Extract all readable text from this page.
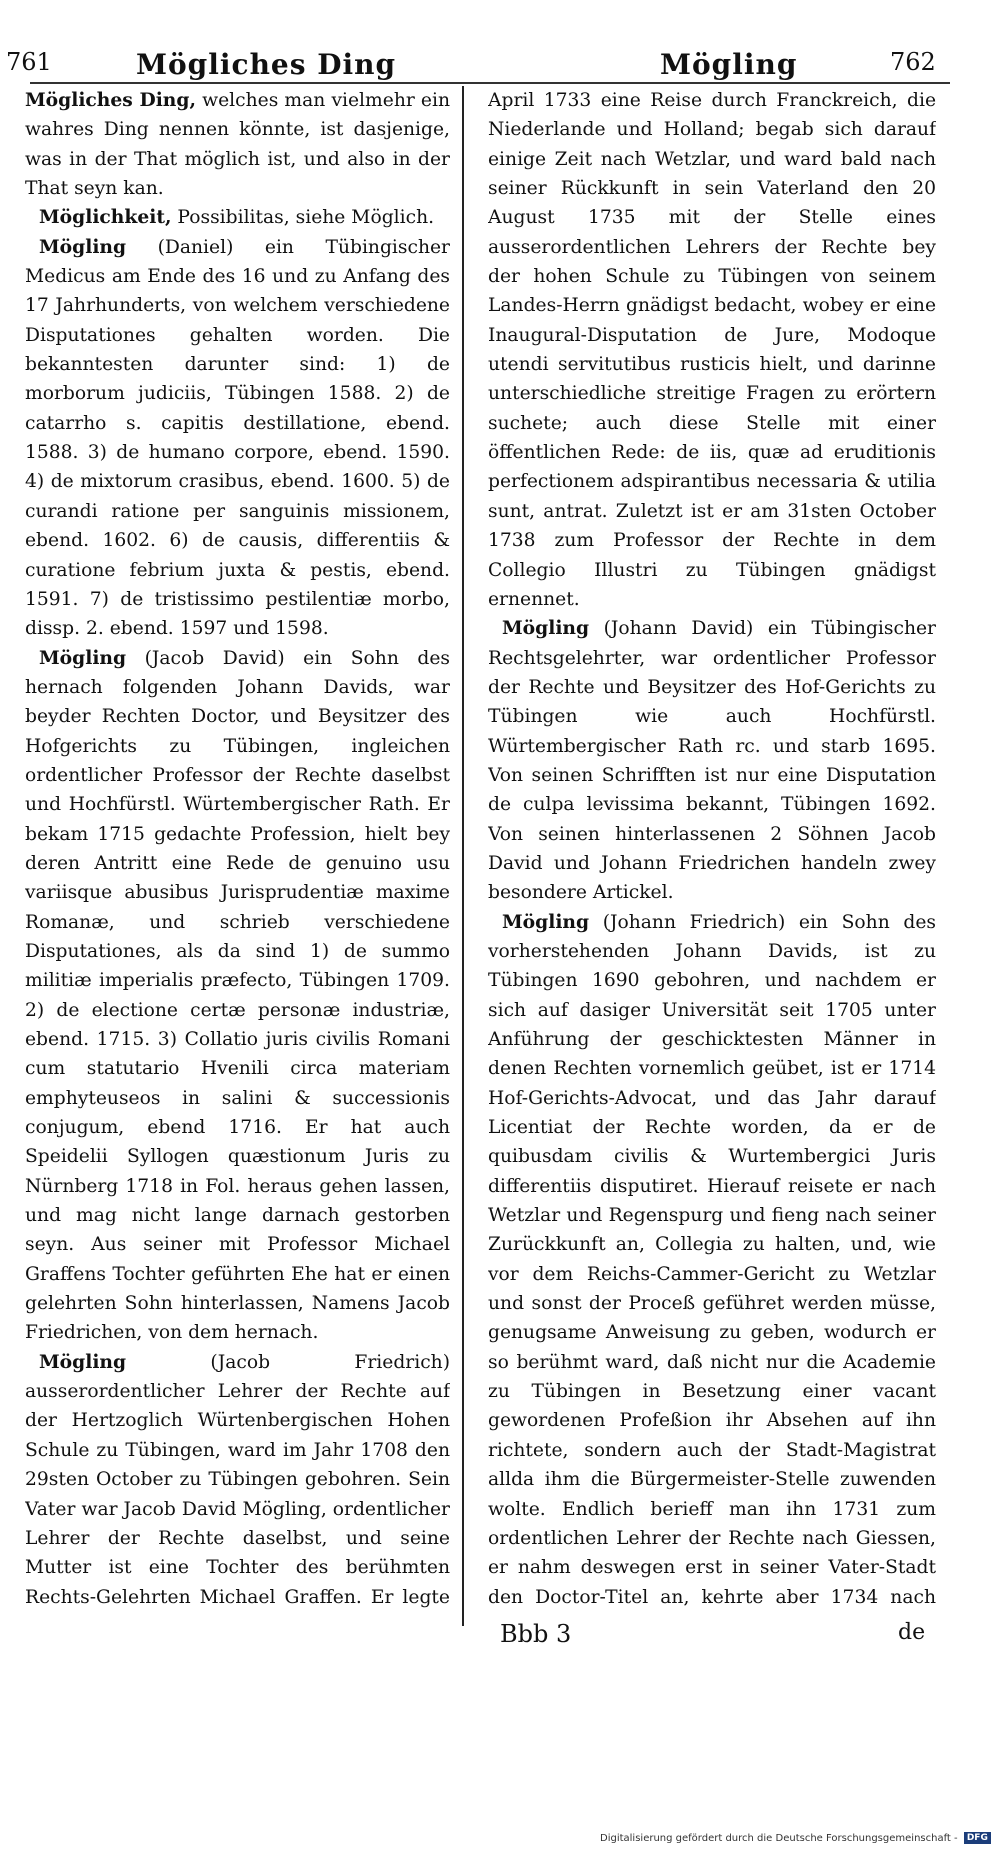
761	Mögliches Ding	Mögling	762

Mögliches Ding, welches man vielmehr ein wahres Ding nennen könnte, ist dasjenige, was in der That möglich ist, und also in der That seyn kan.

Möglichkeit, Possibilitas, siehe Möglich.

Mögling (Daniel) ein Tübingischer Medicus am Ende des 16 und zu Anfang des 17 Jahrhunderts, von welchem verschiedene Disputationes gehalten worden. Die bekanntesten darunter sind: 1) de morborum judiciis, Tübingen 1588. 2) de catarrho s. capitis destillatione, ebend. 1588. 3) de humano corpore, ebend. 1590. 4) de mixtorum crasibus, ebend. 1600. 5) de curandi ratione per sanguinis missionem, ebend. 1602. 6) de causis, differentiis & curatione febrium juxta & pestis, ebend. 1591. 7) de tristissimo pestilentiæ morbo, dissp. 2. ebend. 1597 und 1598.

Mögling (Jacob David) ein Sohn des hernach folgenden Johann Davids, war beyder Rechten Doctor, und Beysitzer des Hofgerichts zu Tübingen, ingleichen ordentlicher Professor der Rechte daselbst und Hochfürstl. Würtembergischer Rath. Er bekam 1715 gedachte Profession, hielt bey deren Antritt eine Rede de genuino usu variisque abusibus Jurisprudentiæ maxime Romanæ, und schrieb verschiedene Disputationes, als da sind 1) de summo militiæ imperialis præfecto, Tübingen 1709. 2) de electione certæ personæ industriæ, ebend. 1715. 3) Collatio juris civilis Romani cum statutario Hvenili circa materiam emphyteuseos in salini & successionis conjugum, ebend 1716. Er hat auch Speidelii Syllogen quæstionum Juris zu Nürnberg 1718 in Fol. heraus gehen lassen, und mag nicht lange darnach gestorben seyn. Aus seiner mit Professor Michael Graffens Tochter geführten Ehe hat er einen gelehrten Sohn hinterlassen, Namens Jacob Friedrichen, von dem hernach.

Mögling	(Jacob Friedrich) ausserordentlicher Lehrer der Rechte auf der Hertzoglich Würtenbergischen Hohen Schule zu Tübingen, ward im Jahr 1708 den 29sten October zu Tübingen gebohren. Sein Vater war Jacob David Mögling, ordentlicher Lehrer der Rechte daselbst, und seine Mutter ist eine Tochter des berühmten Rechts-Gelehrten Michael Graffen. Er legte

April 1733 eine Reise durch Franckreich, die Niederlande und Holland; begab sich darauf einige Zeit nach Wetzlar, und ward bald nach seiner Rückkunft in sein Vaterland den 20 August 1735 mit der Stelle eines ausserordentlichen Lehrers der Rechte bey der hohen Schule zu Tübingen von seinem Landes-Herrn gnädigst bedacht, wobey er eine Inaugural-Disputation de Jure, Modoque utendi servitutibus rusticis hielt, und darinne unterschiedliche streitige Fragen zu erörtern suchete; auch diese Stelle mit einer öffentlichen Rede: de iis, quæ ad eruditionis perfectionem adspirantibus necessaria & utilia sunt, antrat. Zuletzt ist er am 31sten October 1738 zum Professor der Rechte in dem Collegio Illustri zu Tübingen gnädigst ernennet.

Mögling (Johann David) ein Tübingischer Rechtsgelehrter, war ordentlicher Professor der Rechte und Beysitzer des Hof-Gerichts zu Tübingen wie auch Hochfürstl. Würtembergischer Rath rc. und starb 1695. Von seinen Schrifften ist nur eine Disputation de culpa levissima bekannt, Tübingen 1692. Von seinen hinterlassenen 2 Söhnen Jacob David und Johann Friedrichen handeln zwey besondere Artickel.

Mögling (Johann Friedrich) ein Sohn des vorherstehenden Johann Davids, ist zu Tübingen 1690 gebohren, und nachdem er sich auf dasiger Universität seit 1705 unter Anführung der geschicktesten Männer in denen Rechten vornemlich geübet, ist er 1714 Hof-Gerichts-Advocat, und das Jahr darauf Licentiat der Rechte worden, da er de quibusdam civilis & Wurtembergici Juris differentiis disputiret. Hierauf reisete er nach Wetzlar und Regenspurg und fieng nach seiner Zurückkunft an, Collegia zu halten, und, wie vor dem Reichs-Cammer-Gericht zu Wetzlar und sonst der Proceß geführet werden müsse, genugsame Anweisung zu geben, wodurch er so berühmt ward, daß nicht nur die Academie zu Tübingen in Besetzung einer vacant gewordenen Profeßion ihr Absehen auf ihn richtete, sondern auch der Stadt-Magistrat allda ihm die Bürgermeister-Stelle zuwenden wolte. Endlich berieff man ihn 1731 zum ordentlichen Lehrer der Rechte nach Giessen, er nahm deswegen erst in seiner Vater-Stadt den Doctor-Titel an, kehrte aber 1734 nach

Bbb 3	de
Digitalisierung gefördert durch die Deutsche Forschungsgemeinschaft - DFG
